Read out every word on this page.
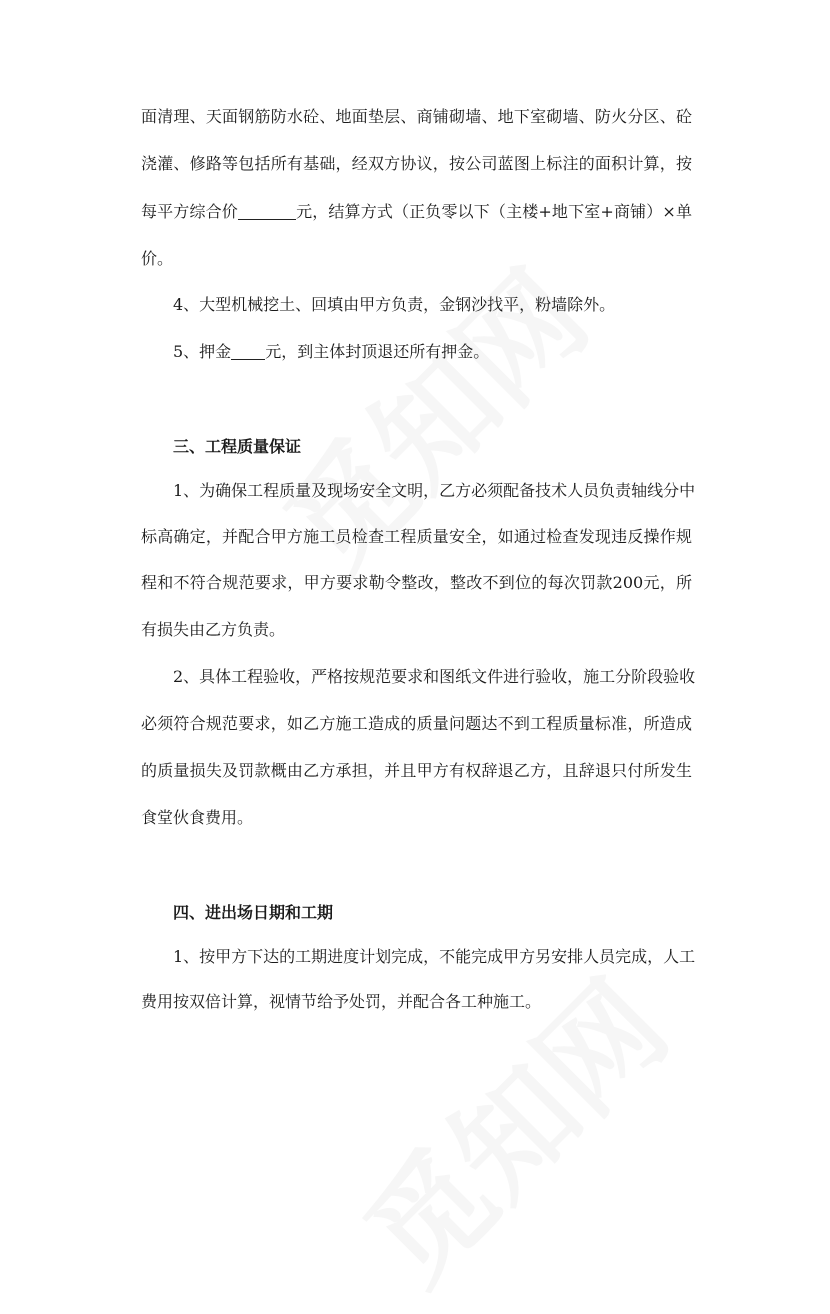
面清理、天面钢筋防水砼、地面垫层、商铺砌墙、地下室砌墙、防火分区、砼
浇灌、修路等包括所有基础，经双方协议，按公司蓝图上标注的面积计算，按
每平方综合价	元，结算方式（正负零以下（主楼+地下室+商铺）×单
价。
4、大型机械挖土、回填由甲方负责，金钢沙找平，粉墙除外。
5、押金 元，到主体封顶退还所有押金。
三、工程质量保证
1、为确保工程质量及现场安全文明，乙方必须配备技术人员负责轴线分中
标高确定，并配合甲方施工员检查工程质量安全，如通过检查发现违反操作规
程和不符合规范要求，甲方要求勒令整改，整改不到位的每次罚款200元，所
有损失由乙方负责。
2、具体工程验收，严格按规范要求和图纸文件进行验收，施工分阶段验收
必须符合规范要求，如乙方施工造成的质量问题达不到工程质量标准，所造成
的质量损失及罚款概由乙方承担，并且甲方有权辞退乙方，且辞退只付所发生
食堂伙食费用。
四、进出场日期和工期
1、按甲方下达的工期进度计划完成，不能完成甲方另安排人员完成，人工
费用按双倍计算，视情节给予处罚，并配合各工种施工。
